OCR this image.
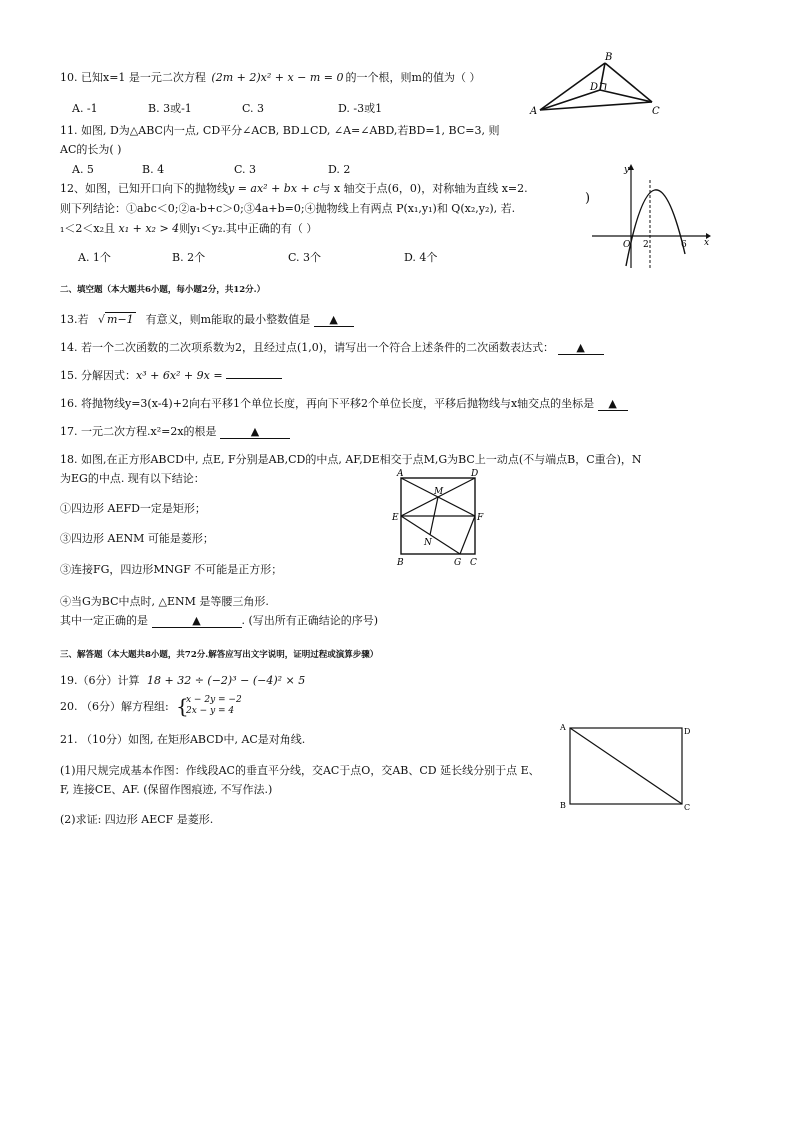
10. 已知x=1 是一元二次方程 (2m + 2)x² + x − m = 0 的一个根，则m的值为（ ）
A. -1	B. 3或-1	C. 3	D. -3或1
B
D
A	C
11. 如图, D为△ABC内一点, CD平分∠ACB, BD⊥CD, ∠A=∠ABD,若BD=1, BC=3, 则
AC的长为( )
A. 5	B. 4	C. 3	D. 2
12、如图，已知开口向下的抛物线y = ax² + bx + c与 x 轴交于点(6，0)，对称轴为直线 x=2.
则下列结论：①abc＜0;②a-b+c＞0;③4a+b=0;④抛物线上有两点 P(x₁,y₁)和 Q(x₂,y₂), 若.
₁＜2＜x₂且 x₁ + x₂ > 4则y₁＜y₂.其中正确的有（ ）
A. 1个	B. 2个	C. 3个	D. 4个
)
y
x
O 2	6
二、填空题（本大题共6小题，每小题2分，共12分.）
13.若 √ m−1 有意义，则m能取的最小整数值是 ▲
14. 若一个二次函数的二次项系数为2，且经过点(1,0)，请写出一个符合上述条件的二次函数表达式： ▲
15. 分解因式：x³ + 6x² + 9x =
16. 将抛物线y=3(x-4)+2向右平移1个单位长度，再向下平移2个单位长度，平移后抛物线与x轴交点的坐标是 ▲
17. 一元二次方程.x²=2x的根是	▲
18. 如图,在正方形ABCD中, 点E, F分别是AB,CD的中点, AF,DE相交于点M,G为BC上一动点(不与端点B，C重合)，N
为EG的中点. 现有以下结论：
①四边形 AEFD一定是矩形；
③四边形 AENM 可能是菱形；
③连接FG，四边形MNGF 不可能是正方形；
④当G为BC中点时, △ENM 是等腰三角形.
其中一定正确的是	▲	. (写出所有正确结论的序号)
A	D
M
E	F
N
B	G C
三、解答题（本大题共8小题，共72分.解答应写出文字说明，证明过程或演算步骤）
19.（6分）计算 18 + 32 ÷ (−2)³ − (−4)² × 5
20. （6分）解方程组: {
x − 2y = −2
2x − y = 4
21. （10分）如图, 在矩形ABCD中, AC是对角线.
(1)用尺规完成基本作图：作线段AC的垂直平分线，交AC于点O，交AB、CD 延长线分别于点 E、
F, 连接CE、AF. (保留作图痕迹, 不写作法.)
(2)求证: 四边形 AECF 是菱形.
A	D
B	C
